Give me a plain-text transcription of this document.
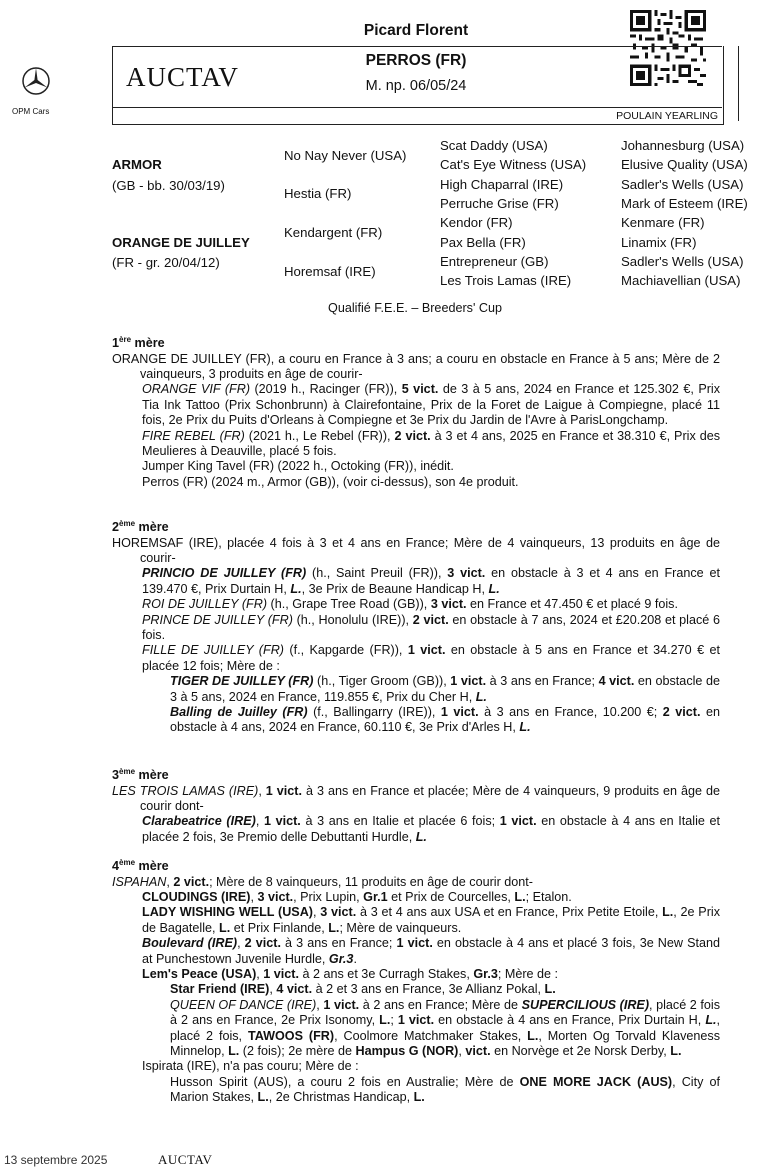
OPM Cars
Picard Florent
PERROS (FR)
M. np. 06/05/24
AUCTAV
POULAIN YEARLING
ARMOR
(GB - bb. 30/03/19)
ORANGE DE JUILLEY
(FR - gr. 20/04/12)
No Nay Never (USA)
Hestia (FR)
Kendargent (FR)
Horemsaf (IRE)
Scat Daddy (USA)
Cat's Eye Witness (USA)
High Chaparral (IRE)
Perruche Grise (FR)
Kendor (FR)
Pax Bella (FR)
Entrepreneur (GB)
Les Trois Lamas (IRE)
Johannesburg (USA)
Elusive Quality (USA)
Sadler's Wells (USA)
Mark of Esteem (IRE)
Kenmare (FR)
Linamix (FR)
Sadler's Wells (USA)
Machiavellian (USA)
Qualifié F.E.E. – Breeders' Cup

1ère mère

ORANGE DE JUILLEY (FR), a couru en France à 3 ans; a couru en obstacle en France à 5 ans; Mère de 2 vainqueurs, 3 produits en âge de courir-

ORANGE VIF (FR) (2019 h., Racinger (FR)), 5 vict. de 3 à 5 ans, 2024 en France et 125.302 €, Prix Tia Ink Tattoo (Prix Schonbrunn) à Clairefontaine, Prix de la Foret de Laigue à Compiegne, placé 11 fois, 2e Prix du Puits d'Orleans à Compiegne et 3e Prix du Jardin de l'Avre à ParisLongchamp.

FIRE REBEL (FR) (2021 h., Le Rebel (FR)), 2 vict. à 3 et 4 ans, 2025 en France et 38.310 €, Prix des Meulieres à Deauville, placé 5 fois.

Jumper King Tavel (FR) (2022 h., Octoking (FR)), inédit.

Perros (FR) (2024 m., Armor (GB)), (voir ci-dessus), son 4e produit.

2ème mère

HOREMSAF (IRE), placée 4 fois à 3 et 4 ans en France; Mère de 4 vainqueurs, 13 produits en âge de courir-

PRINCIO DE JUILLEY (FR) (h., Saint Preuil (FR)), 3 vict. en obstacle à 3 et 4 ans en France et 139.470 €, Prix Durtain H, L., 3e Prix de Beaune Handicap H, L.

ROI DE JUILLEY (FR) (h., Grape Tree Road (GB)), 3 vict. en France et 47.450 € et placé 9 fois.

PRINCE DE JUILLEY (FR) (h., Honolulu (IRE)), 2 vict. en obstacle à 7 ans, 2024 et £20.208 et placé 6 fois.

FILLE DE JUILLEY (FR) (f., Kapgarde (FR)), 1 vict. en obstacle à 5 ans en France et 34.270 € et placée 12 fois; Mère de :

TIGER DE JUILLEY (FR) (h., Tiger Groom (GB)), 1 vict. à 3 ans en France; 4 vict. en obstacle de 3 à 5 ans, 2024 en France, 119.855 €, Prix du Cher H, L.

Balling de Juilley (FR) (f., Ballingarry (IRE)), 1 vict. à 3 ans en France, 10.200 €; 2 vict. en obstacle à 4 ans, 2024 en France, 60.110 €, 3e Prix d'Arles H, L.

3ème mère

LES TROIS LAMAS (IRE), 1 vict. à 3 ans en France et placée; Mère de 4 vainqueurs, 9 produits en âge de courir dont-

Clarabeatrice (IRE), 1 vict. à 3 ans en Italie et placée 6 fois; 1 vict. en obstacle à 4 ans en Italie et placée 2 fois, 3e Premio delle Debuttanti Hurdle, L.

4ème mère

ISPAHAN, 2 vict.; Mère de 8 vainqueurs, 11 produits en âge de courir dont-

CLOUDINGS (IRE), 3 vict., Prix Lupin, Gr.1 et Prix de Courcelles, L.; Etalon.

LADY WISHING WELL (USA), 3 vict. à 3 et 4 ans aux USA et en France, Prix Petite Etoile, L., 2e Prix de Bagatelle, L. et Prix Finlande, L.; Mère de vainqueurs.

Boulevard (IRE), 2 vict. à 3 ans en France; 1 vict. en obstacle à 4 ans et placé 3 fois, 3e New Stand at Punchestown Juvenile Hurdle, Gr.3.

Lem's Peace (USA), 1 vict. à 2 ans et 3e Curragh Stakes, Gr.3; Mère de :

Star Friend (IRE), 4 vict. à 2 et 3 ans en France, 3e Allianz Pokal, L.

QUEEN OF DANCE (IRE), 1 vict. à 2 ans en France; Mère de SUPERCILIOUS (IRE), placé 2 fois à 2 ans en France, 2e Prix Isonomy, L.; 1 vict. en obstacle à 4 ans en France, Prix Durtain H, L., placé 2 fois, TAWOOS (FR), Coolmore Matchmaker Stakes, L., Morten Og Torvald Klaveness Minnelop, L. (2 fois); 2e mère de Hampus G (NOR), vict. en Norvège et 2e Norsk Derby, L.

Ispirata (IRE), n'a pas couru; Mère de :

Husson Spirit (AUS), a couru 2 fois en Australie; Mère de ONE MORE JACK (AUS), City of Marion Stakes, L., 2e Christmas Handicap, L.

13 septembre 2025	AUCTAV
